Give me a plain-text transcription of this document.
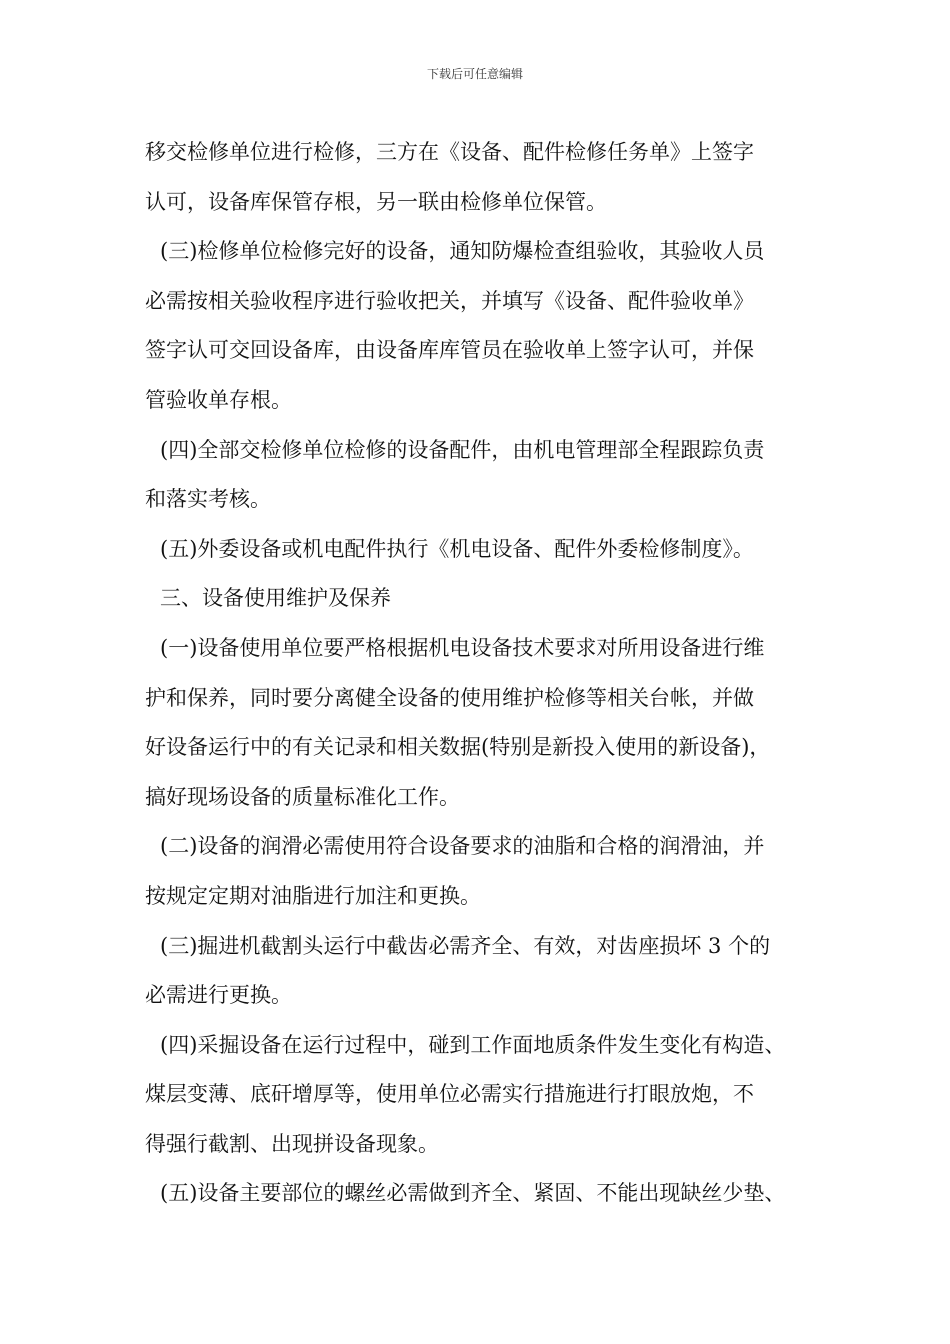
下载后可任意编辑
移交检修单位进行检修，三方在《设备、配件检修任务单》上签字
认可，设备库保管存根，另一联由检修单位保管。
(三)检修单位检修完好的设备，通知防爆检查组验收，其验收人员
必需按相关验收程序进行验收把关，并填写《设备、配件验收单》
签字认可交回设备库，由设备库库管员在验收单上签字认可，并保
管验收单存根。
(四)全部交检修单位检修的设备配件，由机电管理部全程跟踪负责
和落实考核。
(五)外委设备或机电配件执行《机电设备、配件外委检修制度》。
三、设备使用维护及保养
(一)设备使用单位要严格根据机电设备技术要求对所用设备进行维
护和保养，同时要分离健全设备的使用维护检修等相关台帐，并做
好设备运行中的有关记录和相关数据(特别是新投入使用的新设备)，
搞好现场设备的质量标准化工作。
(二)设备的润滑必需使用符合设备要求的油脂和合格的润滑油，并
按规定定期对油脂进行加注和更换。
(三)掘进机截割头运行中截齿必需齐全、有效，对齿座损坏 3 个的
必需进行更换。
(四)采掘设备在运行过程中，碰到工作面地质条件发生变化有构造、
煤层变薄、底矸增厚等，使用单位必需实行措施进行打眼放炮，不
得强行截割、出现拼设备现象。
(五)设备主要部位的螺丝必需做到齐全、紧固、不能出现缺丝少垫、
